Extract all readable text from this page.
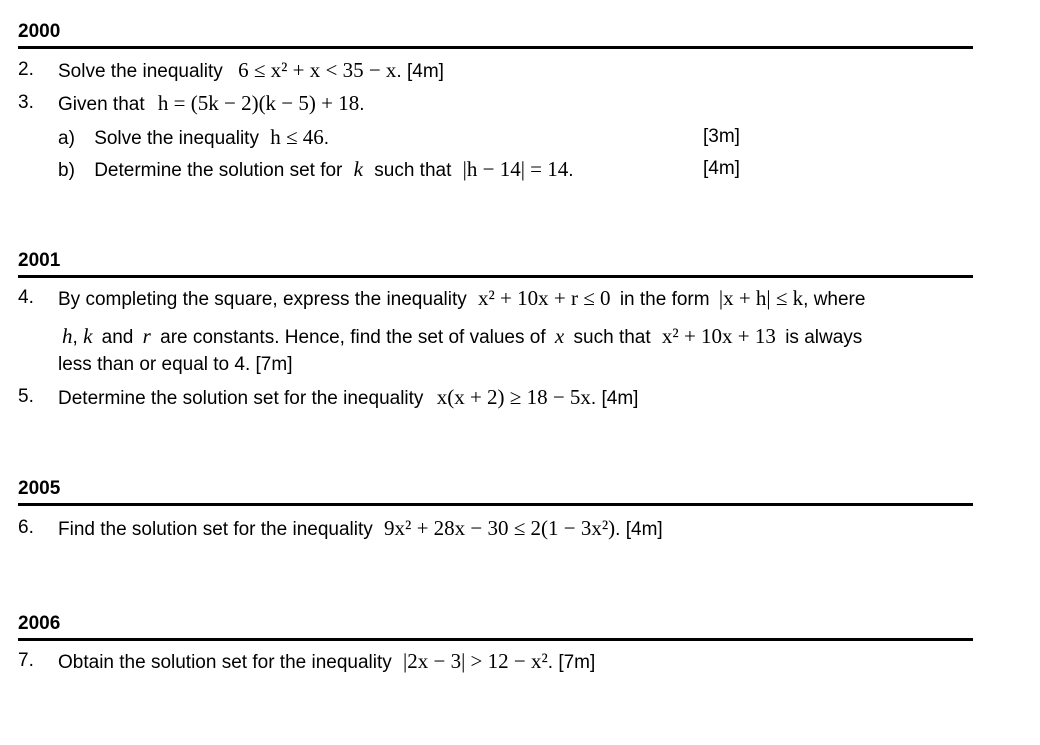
2000
2. Solve the inequality 6 ≤ x² + x < 35 − x. [4m]
3. Given that h = (5k − 2)(k − 5) + 18.
a) Solve the inequality h ≤ 46.	[3m]
b) Determine the solution set for k such that |h − 14| = 14.	[4m]
2001
4. By completing the square, express the inequality x² + 10x + r ≤ 0 in the form |x + h| ≤ k, where
h, k and r are constants. Hence, find the set of values of x such that x² + 10x + 13 is always
less than or equal to 4. [7m]
5. Determine the solution set for the inequality x(x + 2) ≥ 18 − 5x. [4m]
2005
6. Find the solution set for the inequality 9x² + 28x − 30 ≤ 2(1 − 3x²). [4m]
2006
7. Obtain the solution set for the inequality |2x − 3| > 12 − x². [7m]
